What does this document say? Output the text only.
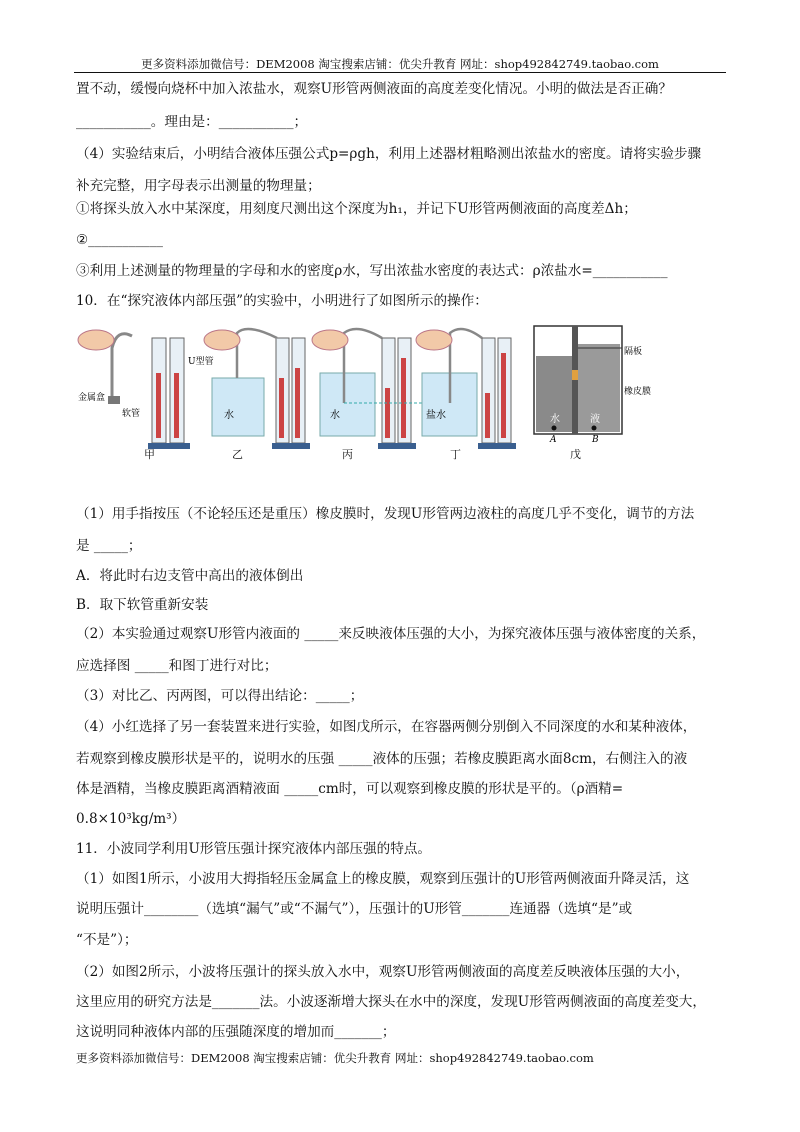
更多资料添加微信号：DEM2008 淘宝搜索店铺：优尖升教育 网址：shop492842749.taobao.com
置不动，缓慢向烧杯中加入浓盐水，观察U形管两侧液面的高度差变化情况。小明的做法是否正确？
___________。理由是：___________；
（4）实验结束后，小明结合液体压强公式p=ρgh，利用上述器材粗略测出浓盐水的密度。请将实验步骤
补充完整，用字母表示出测量的物理量；
①将探头放入水中某深度，用刻度尺测出这个深度为h₁，并记下U形管两侧液面的高度差Δh；
②___________
③利用上述测量的物理量的字母和水的密度ρ水，写出浓盐水密度的表达式：ρ浓盐水=___________
10．在“探究液体内部压强”的实验中，小明进行了如图所示的操作：
金属盒
软管
U型管
水	水	盐水
隔板
橡皮膜
水	液
A	B
甲	乙	丙	丁	戊
（1）用手指按压（不论轻压还是重压）橡皮膜时，发现U形管两边液柱的高度几乎不变化，调节的方法
是 _____；
A．将此时右边支管中高出的液体倒出
B．取下软管重新安装
（2）本实验通过观察U形管内液面的 _____来反映液体压强的大小，为探究液体压强与液体密度的关系，
应选择图 _____和图丁进行对比；
（3）对比乙、丙两图，可以得出结论：_____；
（4）小红选择了另一套装置来进行实验，如图戊所示，在容器两侧分别倒入不同深度的水和某种液体，
若观察到橡皮膜形状是平的，说明水的压强 _____液体的压强；若橡皮膜距离水面8cm，右侧注入的液
体是酒精，当橡皮膜距离酒精液面 _____cm时，可以观察到橡皮膜的形状是平的。（ρ酒精=
0.8×10³kg/m³）
11．小波同学利用U形管压强计探究液体内部压强的特点。
（1）如图1所示，小波用大拇指轻压金属盒上的橡皮膜，观察到压强计的U形管两侧液面升降灵活，这
说明压强计________（选填“漏气”或“不漏气”），压强计的U形管_______连通器（选填“是”或
“不是”）；
（2）如图2所示，小波将压强计的探头放入水中，观察U形管两侧液面的高度差反映液体压强的大小，
这里应用的研究方法是_______法。小波逐渐增大探头在水中的深度，发现U形管两侧液面的高度差变大，
这说明同种液体内部的压强随深度的增加而_______；
更多资料添加微信号：DEM2008 淘宝搜索店铺：优尖升教育 网址：shop492842749.taobao.com
